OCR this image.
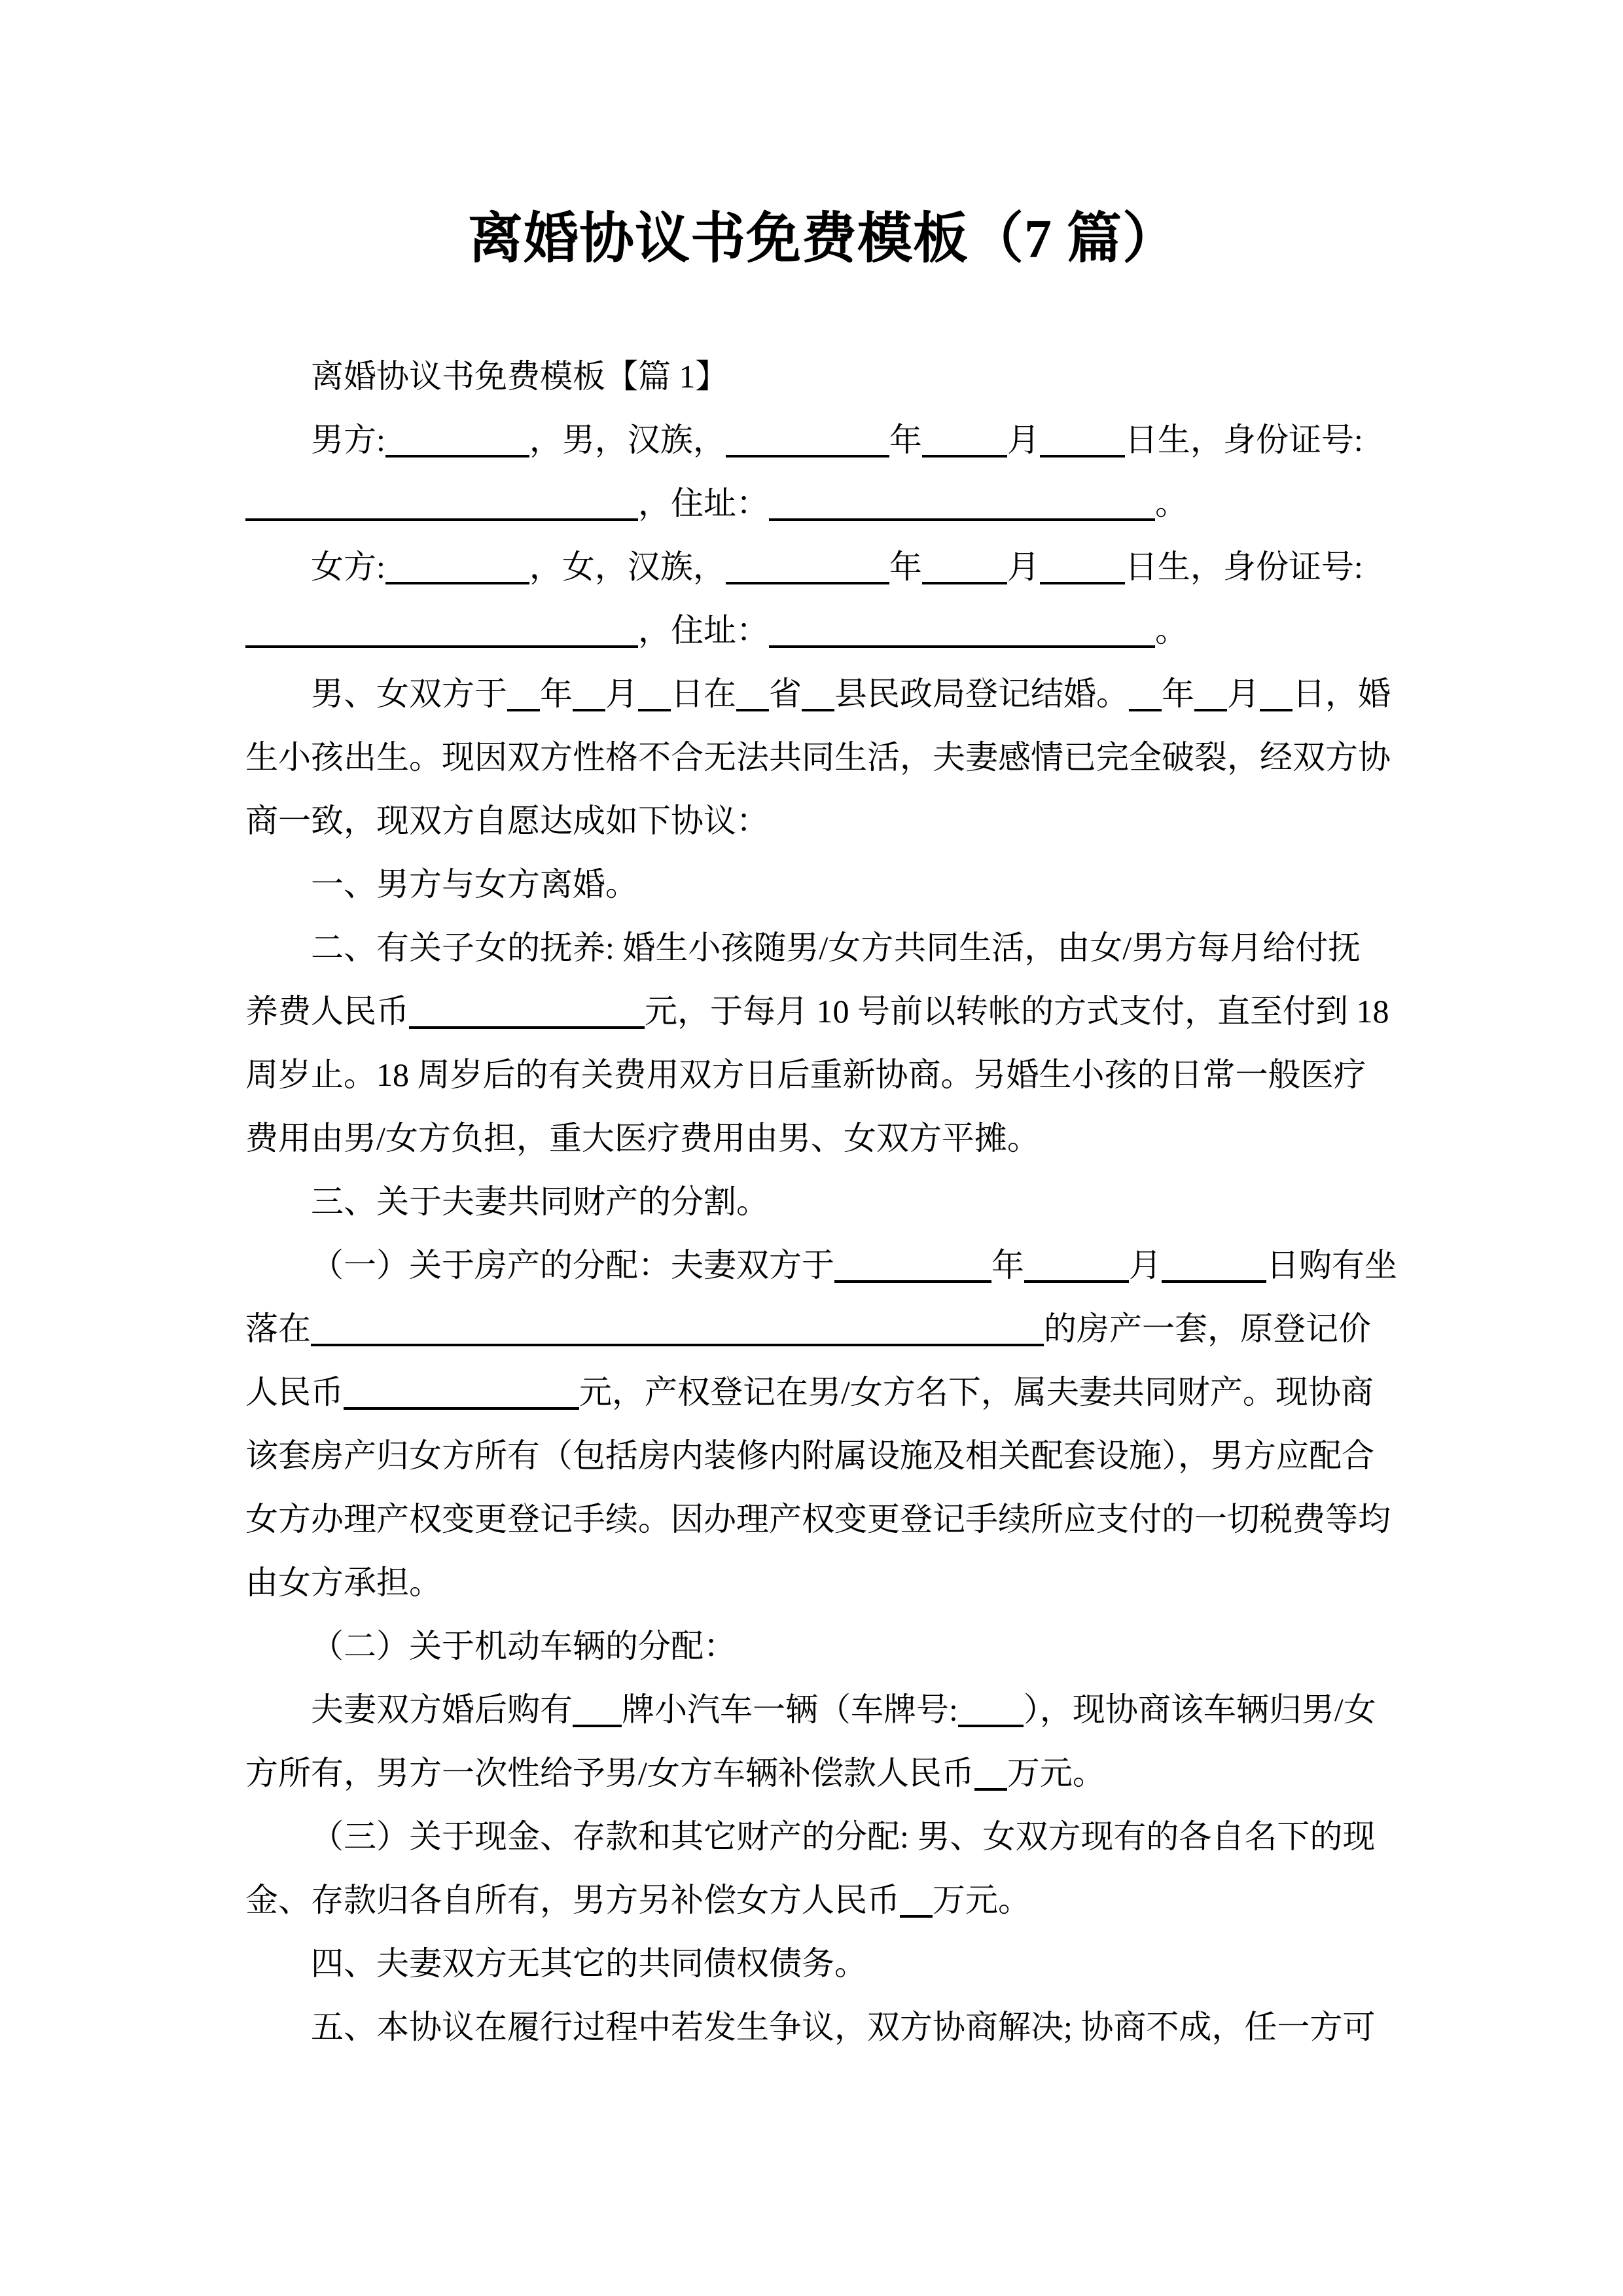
离婚协议书免费模板（7 篇）
离婚协议书免费模板【篇 1】
男方:	，男，汉族，	年	月	日生，身份证号:
，住址：	。
女方:	，女，汉族，	年	月	日生，身份证号:
，住址：	。
男、女双方于 年 月 日在 省 县民政局登记结婚。 年 月 日，婚
生小孩出生。现因双方性格不合无法共同生活，夫妻感情已完全破裂，经双方协
商一致，现双方自愿达成如下协议：
一、男方与女方离婚。
二、有关子女的抚养: 婚生小孩随男/女方共同生活，由女/男方每月给付抚
养费人民币	元，于每月 10 号前以转帐的方式支付，直至付到 18
周岁止。18 周岁后的有关费用双方日后重新协商。另婚生小孩的日常一般医疗
费用由男/女方负担，重大医疗费用由男、女双方平摊。
三、关于夫妻共同财产的分割。
（一）关于房产的分配：夫妻双方于	年	月	日购有坐
落在	的房产一套，原登记价
人民币	元，产权登记在男/女方名下，属夫妻共同财产。现协商
该套房产归女方所有（包括房内装修内附属设施及相关配套设施），男方应配合
女方办理产权变更登记手续。因办理产权变更登记手续所应支付的一切税费等均
由女方承担。
（二）关于机动车辆的分配：
夫妻双方婚后购有 牌小汽车一辆（车牌号: ），现协商该车辆归男/女
方所有，男方一次性给予男/女方车辆补偿款人民币 万元。
（三）关于现金、存款和其它财产的分配: 男、女双方现有的各自名下的现
金、存款归各自所有，男方另补偿女方人民币 万元。
四、夫妻双方无其它的共同债权债务。
五、本协议在履行过程中若发生争议，双方协商解决; 协商不成，任一方可
